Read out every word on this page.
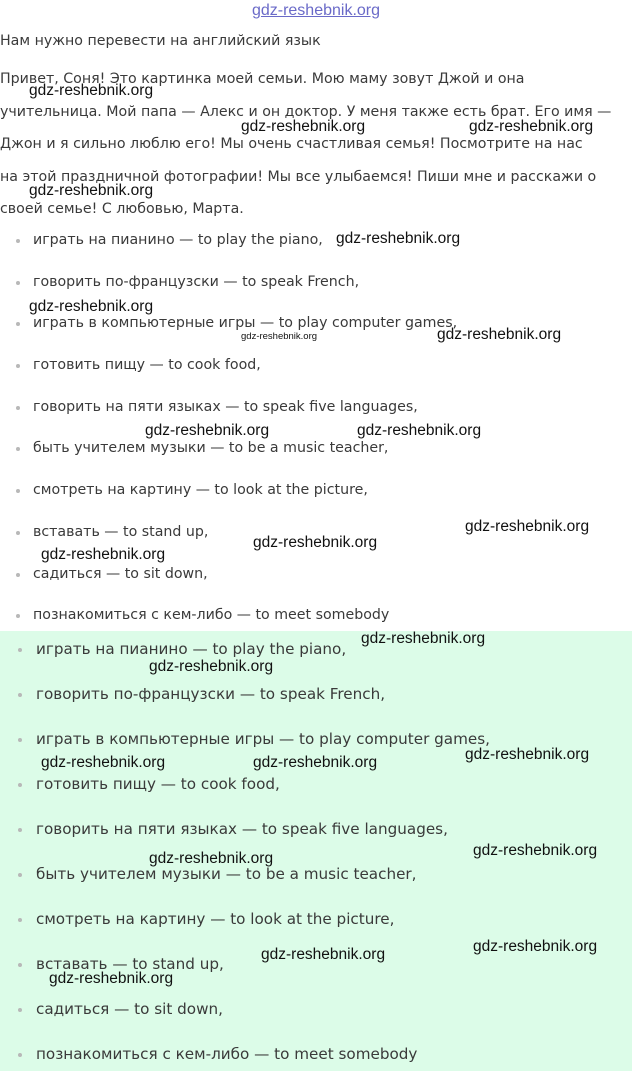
gdz-reshebnik.org

Нам нужно перевести на английский язык

Привет, Соня! Это картинка моей семьи. Мою маму зовут Джой и она

учительница. Мой папа — Алекс и он доктор. У меня также есть брат. Его имя —

Джон и я сильно люблю его! Мы очень счастливая семья! Посмотрите на нас

на этой праздничной фотографии! Мы все улыбаемся! Пиши мне и расскажи о

своей семье! С любовью, Марта.

играть на пианино — to play the piano,
говорить по-французски — to speak French,
играть в компьютерные игры — to play computer games,
готовить пищу — to cook food,
говорить на пяти языках — to speak five languages,
быть учителем музыки — to be a music teacher,
смотреть на картину — to look at the picture,
вставать — to stand up,
садиться — to sit down,
познакомиться с кем-либо — to meet somebody
играть на пианино — to play the piano,
говорить по-французски — to speak French,
играть в компьютерные игры — to play computer games,
готовить пищу — to cook food,
говорить на пяти языках — to speak five languages,
быть учителем музыки — to be a music teacher,
смотреть на картину — to look at the picture,
вставать — to stand up,
садиться — to sit down,
познакомиться с кем-либо — to meet somebody
gdz-reshebnik.org
gdz-reshebnik.org	gdz-reshebnik.org
gdz-reshebnik.org
gdz-reshebnik.org
gdz-reshebnik.org
gdz-reshebnik.org	gdz-reshebnik.org
gdz-reshebnik.org	gdz-reshebnik.org
gdz-reshebnik.org
gdz-reshebnik.org
gdz-reshebnik.org
gdz-reshebnik.org
gdz-reshebnik.org
gdz-reshebnik.org
gdz-reshebnik.org	gdz-reshebnik.org
gdz-reshebnik.org
gdz-reshebnik.org
gdz-reshebnik.org
gdz-reshebnik.org
gdz-reshebnik.org
